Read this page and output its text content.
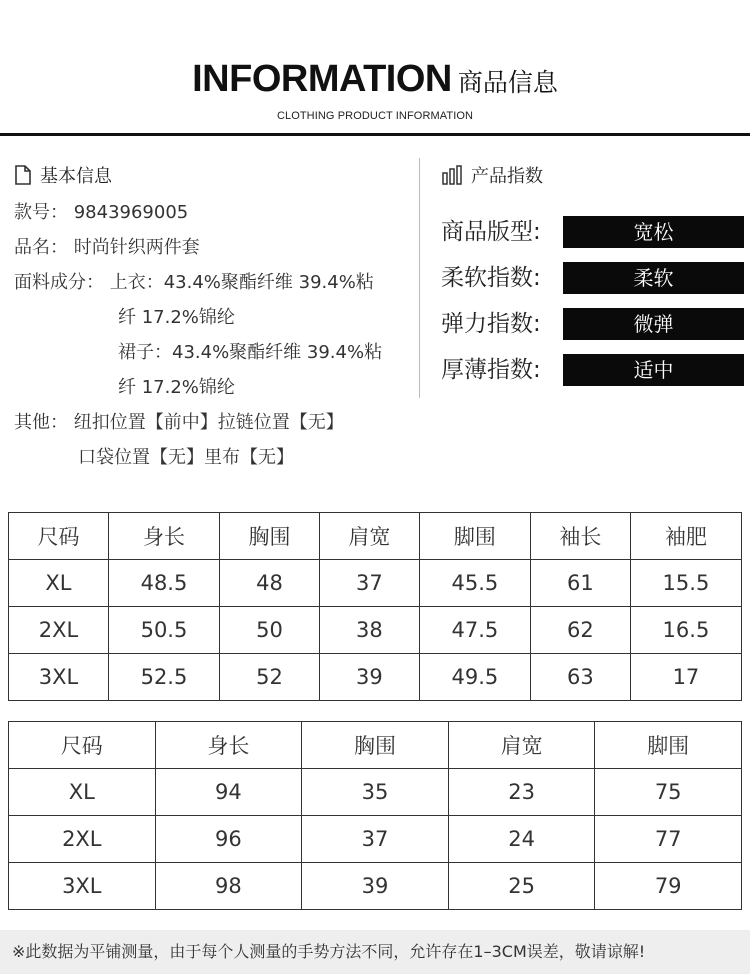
INFORMATION 商品信息
CLOTHING PRODUCT INFORMATION
基本信息
款号： 9843969005
品名： 时尚针织两件套
面料成分： 上衣：43.4%聚酯纤维 39.4%粘
纤 17.2%锦纶
裙子：43.4%聚酯纤维 39.4%粘
纤 17.2%锦纶
其他： 纽扣位置【前中】拉链位置【无】
口袋位置【无】里布【无】
产品指数
商品版型:	宽松
柔软指数:	柔软
弹力指数:	微弹
厚薄指数:	适中
尺码	身长	胸围	肩宽	脚围	袖长	袖肥
XL	48.5	48	37	45.5	61	15.5
2XL	50.5	50	38	47.5	62	16.5
3XL	52.5	52	39	49.5	63	17
尺码	身长	胸围	肩宽	脚围
XL	94	35	23	75
2XL	96	37	24	77
3XL	98	39	25	79
※此数据为平铺测量，由于每个人测量的手势方法不同，允许存在1–3CM误差，敬请谅解!
